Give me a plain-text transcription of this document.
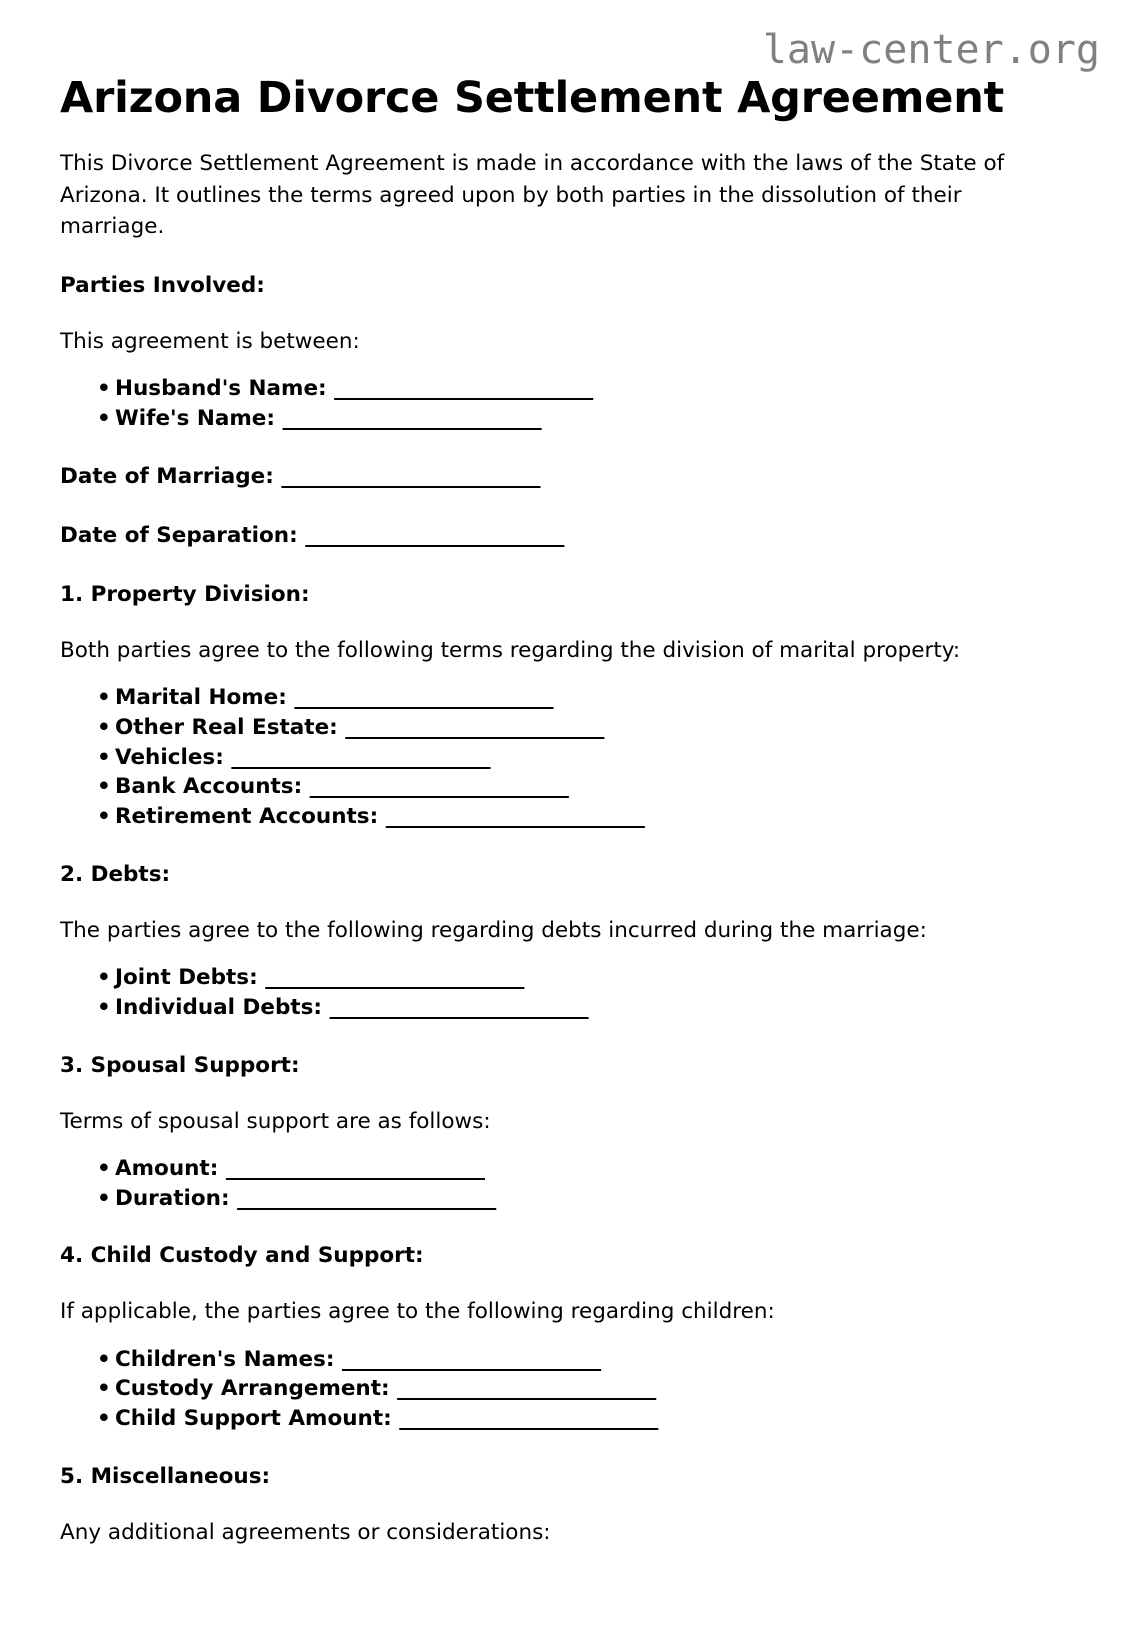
law-center.org
Arizona Divorce Settlement Agreement

This Divorce Settlement Agreement is made in accordance with the laws of the State of Arizona. It outlines the terms agreed upon by both parties in the dissolution of their marriage.

Parties Involved:

This agreement is between:

• Husband's Name: _________________________
• Wife's Name: _________________________

Date of Marriage: _________________________

Date of Separation: _________________________

1. Property Division:

Both parties agree to the following terms regarding the division of marital property:

• Marital Home: _________________________
• Other Real Estate: _________________________
• Vehicles: _________________________
• Bank Accounts: _________________________
• Retirement Accounts: _________________________

2. Debts:

The parties agree to the following regarding debts incurred during the marriage:

• Joint Debts: _________________________
• Individual Debts: _________________________

3. Spousal Support:

Terms of spousal support are as follows:

• Amount: _________________________
• Duration: _________________________

4. Child Custody and Support:

If applicable, the parties agree to the following regarding children:

• Children's Names: _________________________
• Custody Arrangement: _________________________
• Child Support Amount: _________________________

5. Miscellaneous:

Any additional agreements or considerations:
